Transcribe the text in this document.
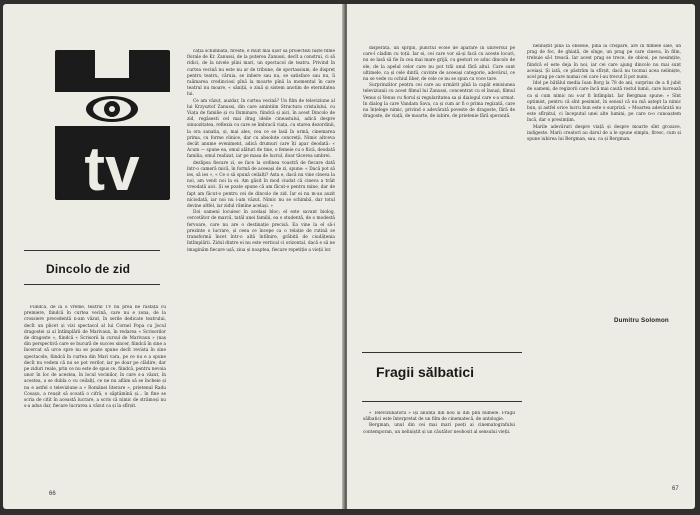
tv

Fiindcă, de la o vreme, teatrul TV nu prea ne răsfață cu premiere, fiindcă în curtea vecină, care nu e zona, de la crossiere precedentă n-am văzut, în serile dedicate teatrului, decît un plicet și vizi spectacol al lui Cornel Popa cu Jocul dragostei și al întîmplării de Marivaux, în redarea « Scrisorilor de dragoste », fiindcă « Scrisorii la cursul de Marivaux » (naș din perspectivă care se bucură de succes sincer, fiindcă în sine a încercat să urce spre nu se poate spune decît revista în sine spectacole, fiindcă în curtea din Mari vara, pe ce nu e a spune decît nu vedem că nu se pot verilor, iar pe doar pe clădire, dar pe ziduri reale, prin ce nu este de spus ce, fiindcă, pentru nevoia unor în loc de acestea, în locul vecinilor, în care s-a văzut, în acestea, a se dubla o cu ceilalți, ce ne nu aflăm să se încheie și nu e astfel o televiziune a « Românei literare », prietenul Radu Cosașu, a reușit să scoată o cifră, o săptămînă și... în fine se scria de citit în această lucrare, a scris că nimic de strămoși nu s-a adus dar, fiecare lucrarea a văzut ca și la sfîrșit.

cația schimbată, fireste, e mult mai ușor să proiectezi niște filme florale de Kr. Zanussi, de la puterea Zanussi, decît a construi, ci să ridici, de la nivele plini mari, un spectacol de teatru. Privind în curtea vecină nu este nu ar de tribune, de sportassium, de dispreț pentru teatru, căruia, se inhere sau nu, se satisface sau nu, îi raămarea credinciosi pînă la moarte pînă la momentul în care teatrul nu moare, « săniții, o ziuă și sistem anotim de eternitatea lui.

Ce am văzut, auzdar, în curtea vecină? Un film de televiziune al lui Krzysztof Zanussi, din care amintiim Structura cristalului, cu Viața de familie și cu Iluminare, fiindcă și aici, în acest Dincolo de zid, regăsesti cel mai drag ideile cineastului, adică despre sinuozitatea, reflexia cu care se îmbracă viața, cu starea dezordinii, la ora sanatia, și, mai ales, cea ce se lasă în urmă, cinemarea prima, cu forme clinice, dar cu absolute concreții. Nimic altceva decât anume eveniment, adică drumuri care îți apar deodată: « Acum — spune ea, omul alături de tine, o femeie cu o fiică, deodată familia, omul realizat, iar pe masa de lucrul, doar tăcerea umbrei.

dezlipsa fiecare zi, se face la ordinea voastră de fiecare dată într-o cameră mică, în formă de aceeași de zi, spune: « Dacă pot să ies, să ies », « Ce o să spună ceilalți? Asta e, dacă nu vine cineva la noi, am venit noi la ei. Am găsit în mod ciudat că cineva a trăit vreodată aici. Și se poate spune că am făcut-o pentru mine, dar de fapt am făcut-o pentru cei de dincolo de zid. Iar ei nu m-au auzit niciodată, iar noi nu i-am văzut. Nimic nu se schimbă, dar totul devine altfel, iar zidul rămîne același. »

Doi oameni locuiesc în același bloc; el este savant biolog, cercetător de marcă, tatăl unei familii, ea o studentă, de o modestă fervoare, care nu are o destinație precisă. Ea vine la el să-i prezinte o lucrare, și ceea ce începe ca o relație de rutină se transformă încet într-o altă întîlnire, grăbită de ciudățenia întîmplării. Zidul dintre ei nu este vertical ci orizontal, dacă e să ne imaginăm fiecare ușă, ziua și noaptea, fiecare repetiție a vieții lor.

66
Dincolo de zid

disperată, un sprijin, punctul ecole de apărare în universul pe care-l cladim cu toții. Iar ei, cei care vor să-și facă cu aceste locuri, nu se lasă să fie în cea mai mare grijă, cu gesturi ce aduc dincolo de ele, de la apelul celor care nu pot trăi unul fără altul. Care sunt ultimele, ca și cele dintîi, cuvinte de aceeași categorie, adevărul, ce nu se vede cu ochiul liber, de cele ce nu se spun cu voce tare.

Surprinzător pentru cei care au urmărit pînă la capăt emisiunea televiziunii cu acest filmul lui Zanussi, concentrat cu el însuși, filmul Venus și Venus cu fiorul și regularitatea sa și dialogul care s-a urmat. In dialog la care Vandam Sava, ca și cum ar fi o prima regizată, care nu înțelege nimic, privind o adevărată poveste de dragoste, fără de dragoste, de viață, de moarte, de iubire, de prietenie fără speranță.

« Televizunatorii » își anunță din nou și din plin numele. Fragii sălbatici este înterpretat de un film de cinematecă, de antologie.

Bergman, unul din cei mai mari poeți ai cinematografului contemporan, un neliniștit și un căutător neobosit al sensului vieții.

neliniștit pînă la obsesie, pînă la crispare, are în filmele sale, un prag de foc, de ghiață, de sînge, un prag pe care cineva, în film, trebuie să-l treacă. Iar acest prag se trece, de obicei, pe nesimțite, fiindcă el este deja în noi, iar cei care ajung dincolo nu mai sunt aceiași. Și iată, ce păstrăm la sfîrșit, dacă nu tocmai acea neliniște, acel prag pe care numai cei care l-au trecut îl pot numi.

Idol pe bătălul media Ioan Borg la 78 de ani, surprins de a fi jubit de oameni, de regizorii care încă mai caută rostul lumii, care lucrează ca și cum nimic nu s-ar fi întîmplat. Iar Bergman spune: « Sînt optimist, pentru că sînt pesimist, în sensul că nu mă aștept la nimic bun, și astfel orice lucru bun este o surpriză. » Moartea adevărată nu este sfîrșitul, ci începutul unei alte lumini, pe care n-o cunoaștem încă, dar o presimțim.

Marile adevăruri despre viață și despre moarte sînt grozave, indigeste. Marii creatori au darul de a le spune simplu, firesc, cum și spune iubirea lui Bergman, sau, ca și Bergman.

67
Fragii sălbatici
Dumitru Solomon
